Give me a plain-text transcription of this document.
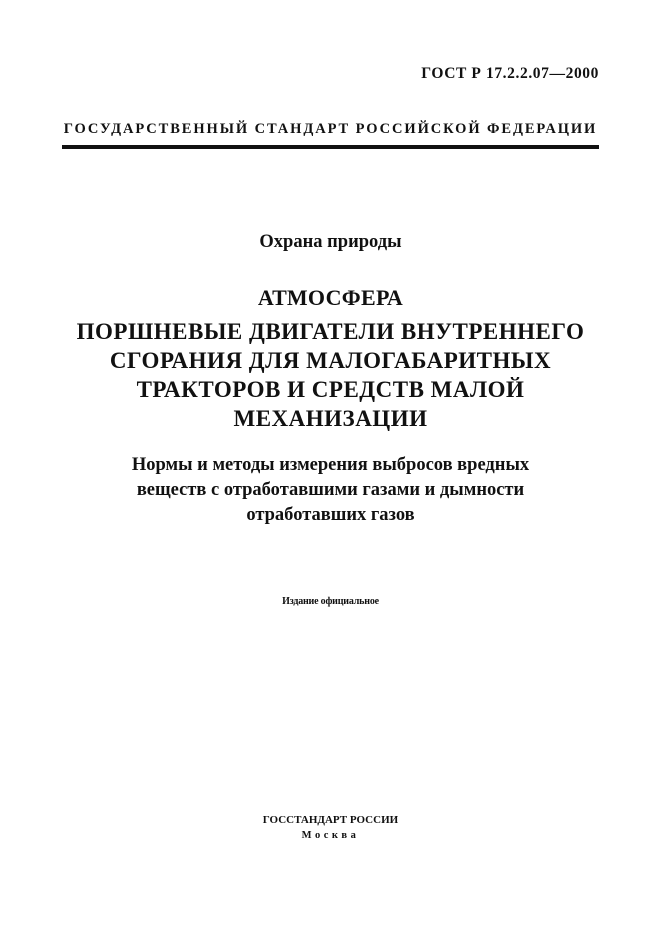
ГОСТ Р 17.2.2.07—2000
ГОСУДАРСТВЕННЫЙ СТАНДАРТ РОССИЙСКОЙ ФЕДЕРАЦИИ
Охрана природы
АТМОСФЕРА
ПОРШНЕВЫЕ ДВИГАТЕЛИ ВНУТРЕННЕГО
СГОРАНИЯ ДЛЯ МАЛОГАБАРИТНЫХ
ТРАКТОРОВ И СРЕДСТВ МАЛОЙ
МЕХАНИЗАЦИИ
Нормы и методы измерения выбросов вредных
веществ с отработавшими газами и дымности
отработавших газов
Издание официальное
ГОССТАНДАРТ РОССИИ
Москва
